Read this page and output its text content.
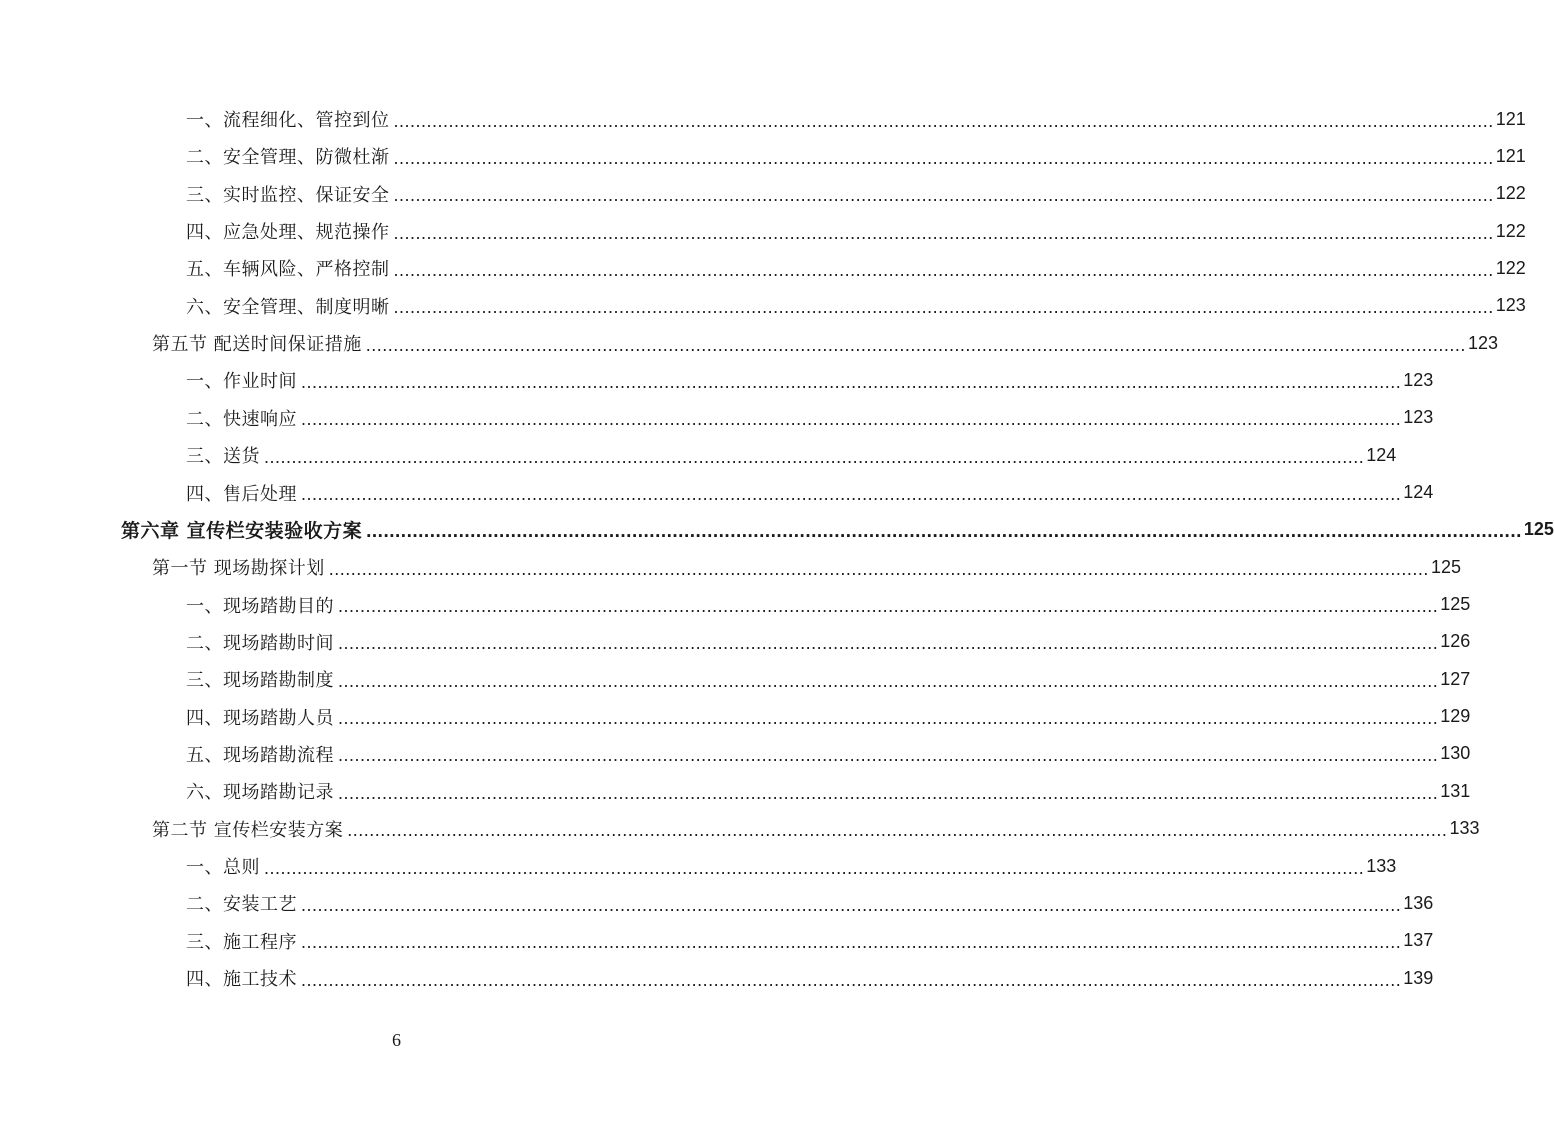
一、流程细化、管控到位 ........................................................................................................................................................................................................ 121
二、安全管理、防微杜渐 ........................................................................................................................................................................................................ 121
三、实时监控、保证安全 ........................................................................................................................................................................................................ 122
四、应急处理、规范操作 ........................................................................................................................................................................................................ 122
五、车辆风险、严格控制 ........................................................................................................................................................................................................ 122
六、安全管理、制度明晰 ........................................................................................................................................................................................................ 123
第五节 配送时间保证措施 ........................................................................................................................................................................................................ 123
一、作业时间 ........................................................................................................................................................................................................ 123
二、快速响应 ........................................................................................................................................................................................................ 123
三、送货 ........................................................................................................................................................................................................ 124
四、售后处理 ........................................................................................................................................................................................................ 124
第六章 宣传栏安装验收方案 ........................................................................................................................................................................................................ 125
第一节 现场勘探计划 ........................................................................................................................................................................................................ 125
一、现场踏勘目的 ........................................................................................................................................................................................................ 125
二、现场踏勘时间 ........................................................................................................................................................................................................ 126
三、现场踏勘制度 ........................................................................................................................................................................................................ 127
四、现场踏勘人员 ........................................................................................................................................................................................................ 129
五、现场踏勘流程 ........................................................................................................................................................................................................ 130
六、现场踏勘记录 ........................................................................................................................................................................................................ 131
第二节 宣传栏安装方案 ........................................................................................................................................................................................................ 133
一、总则 ........................................................................................................................................................................................................ 133
二、安装工艺 ........................................................................................................................................................................................................ 136
三、施工程序 ........................................................................................................................................................................................................ 137
四、施工技术 ........................................................................................................................................................................................................ 139
6
